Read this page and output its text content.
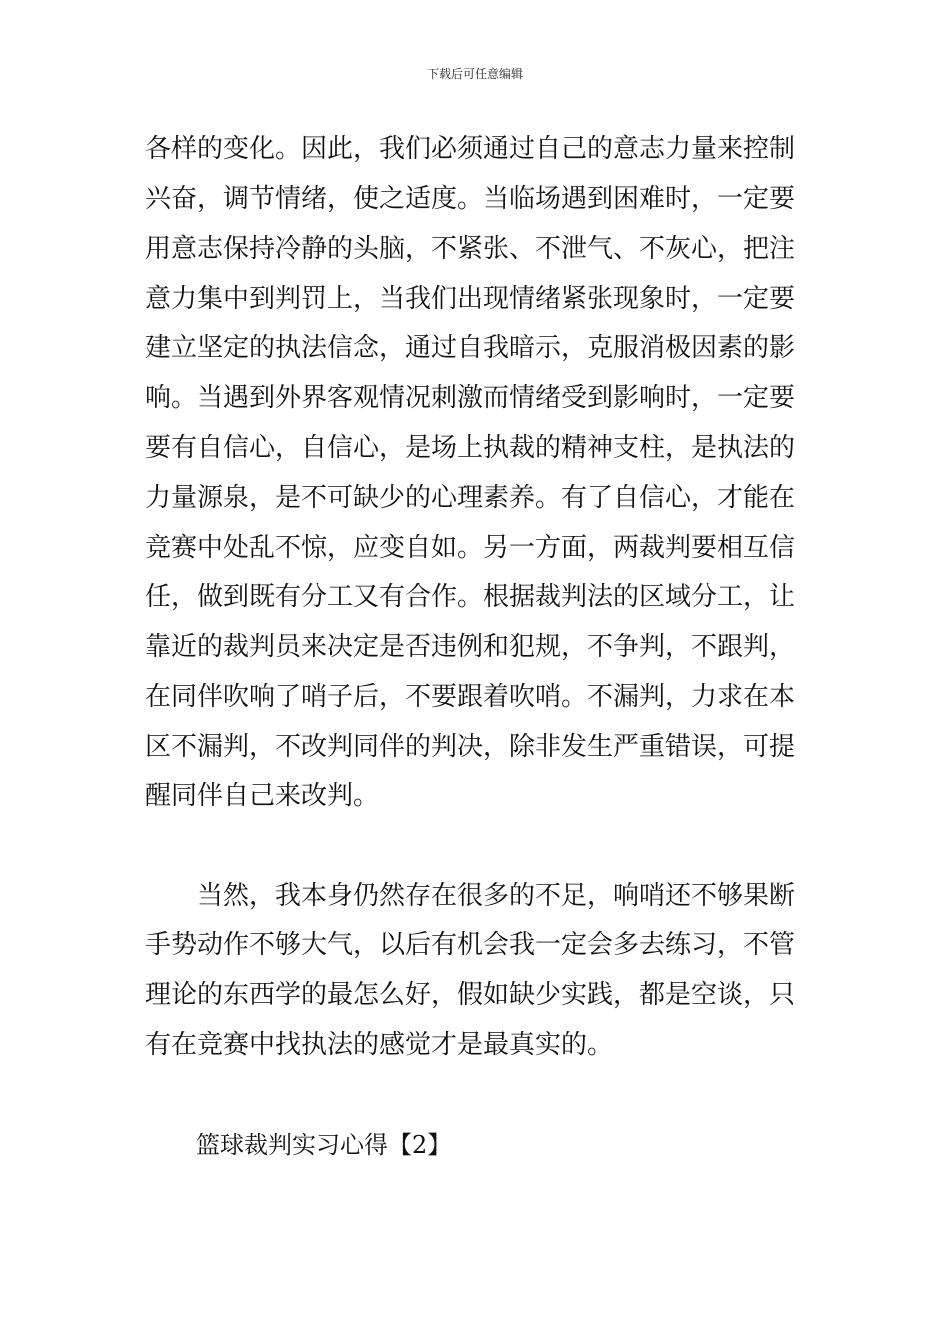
下载后可任意编辑
各样的变化。因此，我们必须通过自己的意志力量来控制
兴奋，调节情绪，使之适度。当临场遇到困难时，一定要
用意志保持冷静的头脑，不紧张、不泄气、不灰心，把注
意力集中到判罚上，当我们出现情绪紧张现象时，一定要
建立坚定的执法信念，通过自我暗示，克服消极因素的影
响。当遇到外界客观情况刺激而情绪受到影响时，一定要
要有自信心，自信心，是场上执裁的精神支柱，是执法的
力量源泉，是不可缺少的心理素养。有了自信心，才能在
竞赛中处乱不惊，应变自如。另一方面，两裁判要相互信
任，做到既有分工又有合作。根据裁判法的区域分工，让
靠近的裁判员来决定是否违例和犯规，不争判，不跟判，
在同伴吹响了哨子后，不要跟着吹哨。不漏判，力求在本
区不漏判，不改判同伴的判决，除非发生严重错误，可提
醒同伴自己来改判。
当然，我本身仍然存在很多的不足，响哨还不够果断
手势动作不够大气，以后有机会我一定会多去练习，不管
理论的东西学的最怎么好，假如缺少实践，都是空谈，只
有在竞赛中找执法的感觉才是最真实的。
篮球裁判实习心得【2】
